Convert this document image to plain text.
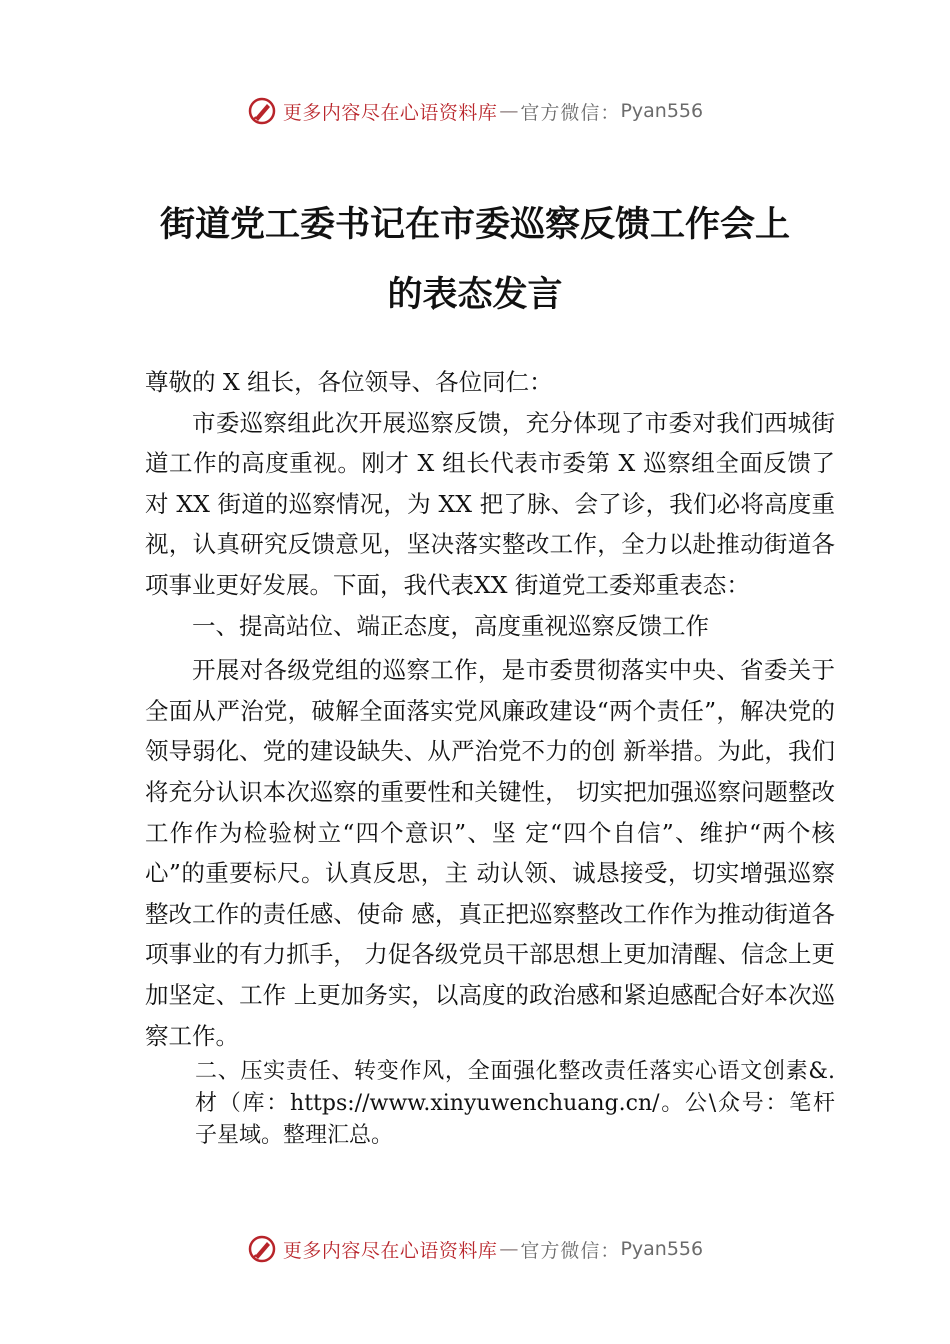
更多内容尽在心语资料库 — 官方微信： Pyan556
街道党工委书记在市委巡察反馈工作会上
的表态发言

尊敬的 X 组长，各位领导、各位同仁：

市委巡察组此次开展巡察反馈，充分体现了市委对我们西城街道工作的高度重视。刚才 X 组长代表市委第 X 巡察组全面反馈了对 XX 街道的巡察情况，为 XX 把了脉、会了诊，我们必将高度重视，认真研究反馈意见，坚决落实整改工作，全力以赴推动街道各项事业更好发展。下面，我代表XX 街道党工委郑重表态：

一、提高站位、端正态度，高度重视巡察反馈工作

开展对各级党组的巡察工作，是市委贯彻落实中央、省委关于全面从严治党，破解全面落实党风廉政建设“两个责任”，解决党的领导弱化、党的建设缺失、从严治党不力的创 新举措。为此，我们将充分认识本次巡察的重要性和关键性， 切实把加强巡察问题整改工作作为检验树立“四个意识”、坚 定“四个自信”、维护“两个核心”的重要标尺。认真反思，主 动认领、诚恳接受，切实增强巡察整改工作的责任感、使命 感，真正把巡察整改工作作为推动街道各项事业的有力抓手， 力促各级党员干部思想上更加清醒、信念上更加坚定、工作 上更加务实，以高度的政治感和紧迫感配合好本次巡察工作。

二、压实责任、转变作风，全面强化整改责任落实心语文创素&.材（库：https://www.xinyuwenchuang.cn/。公\众号：笔杆子星域。整理汇总。

更多内容尽在心语资料库 — 官方微信： Pyan556
